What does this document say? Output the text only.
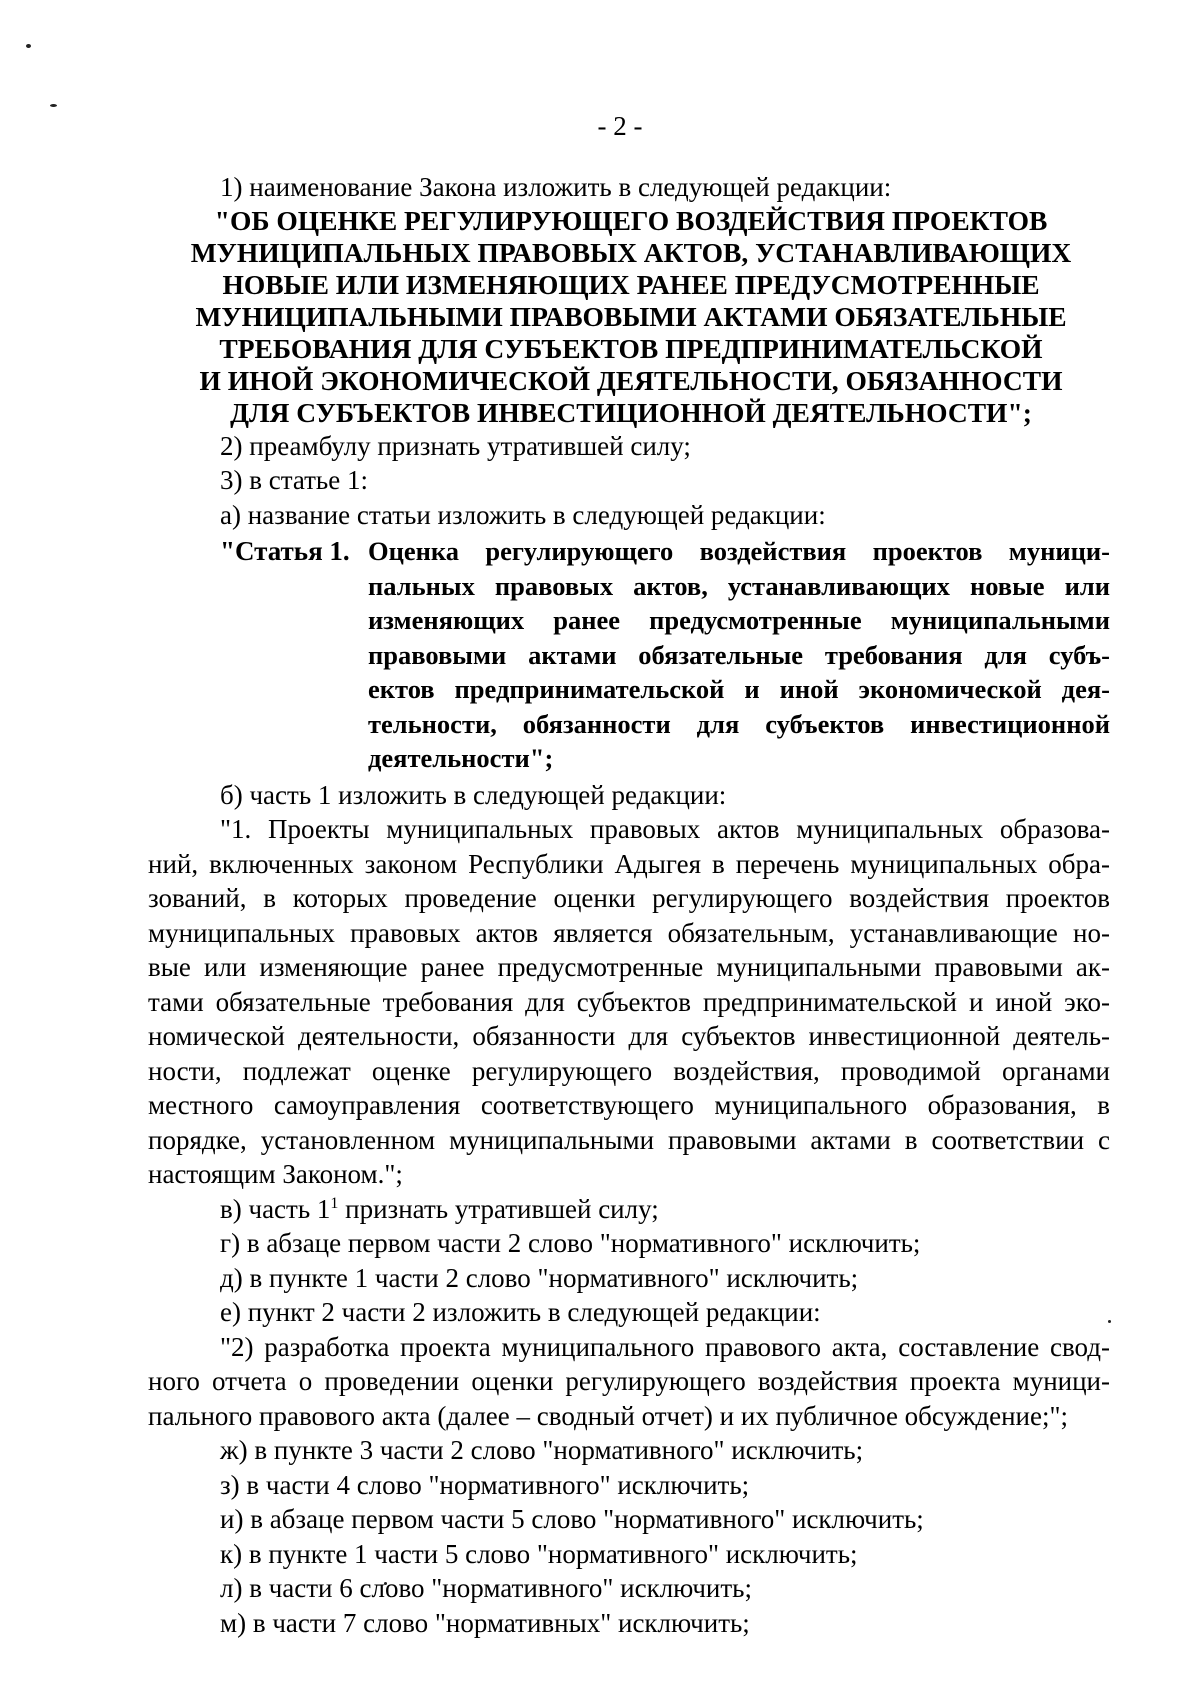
- 2 -
1) наименование Закона изложить в следующей редакции:
"ОБ ОЦЕНКЕ РЕГУЛИРУЮЩЕГО ВОЗДЕЙСТВИЯ ПРОЕКТОВ
МУНИЦИПАЛЬНЫХ ПРАВОВЫХ АКТОВ, УСТАНАВЛИВАЮЩИХ
НОВЫЕ ИЛИ ИЗМЕНЯЮЩИХ РАНЕЕ ПРЕДУСМОТРЕННЫЕ
МУНИЦИПАЛЬНЫМИ ПРАВОВЫМИ АКТАМИ ОБЯЗАТЕЛЬНЫЕ
ТРЕБОВАНИЯ ДЛЯ СУБЪЕКТОВ ПРЕДПРИНИМАТЕЛЬСКОЙ
И ИНОЙ ЭКОНОМИЧЕСКОЙ ДЕЯТЕЛЬНОСТИ, ОБЯЗАННОСТИ
ДЛЯ СУБЪЕКТОВ ИНВЕСТИЦИОННОЙ ДЕЯТЕЛЬНОСТИ";
2) преамбулу признать утратившей силу;
3) в статье 1:
а) название статьи изложить в следующей редакции:
"Статья 1. Оценка регулирующего воздействия проектов муници-
пальных правовых актов, устанавливающих новые или
изменяющих ранее предусмотренные муниципальными
правовыми актами обязательные требования для субъ-
ектов предпринимательской и иной экономической дея-
тельности, обязанности для субъектов инвестиционной
деятельности";
б) часть 1 изложить в следующей редакции:
"1. Проекты муниципальных правовых актов муниципальных образова-
ний, включенных законом Республики Адыгея в перечень муниципальных обра-
зований, в которых проведение оценки регулирующего воздействия проектов
муниципальных правовых актов является обязательным, устанавливающие но-
вые или изменяющие ранее предусмотренные муниципальными правовыми ак-
тами обязательные требования для субъектов предпринимательской и иной эко-
номической деятельности, обязанности для субъектов инвестиционной деятель-
ности, подлежат оценке регулирующего воздействия, проводимой органами
местного самоуправления соответствующего муниципального образования, в
порядке, установленном муниципальными правовыми актами в соответствии с
настоящим Законом.";
в) часть $1^1$ признать утратившей силу;
г) в абзаце первом части 2 слово "нормативного" исключить;
д) в пункте 1 части 2 слово "нормативного" исключить;
е) пункт 2 части 2 изложить в следующей редакции:
"2) разработка проекта муниципального правового акта, составление свод-
ного отчета о проведении оценки регулирующего воздействия проекта муници-
пального правового акта (далее – сводный отчет) и их публичное обсуждение;";
ж) в пункте 3 части 2 слово "нормативного" исключить;
з) в части 4 слово "нормативного" исключить;
и) в абзаце первом части 5 слово "нормативного" исключить;
к) в пункте 1 части 5 слово "нормативного" исключить;
л) в части 6 слово "нормативного" исключить;
м) в части 7 слово "нормативных" исключить;
